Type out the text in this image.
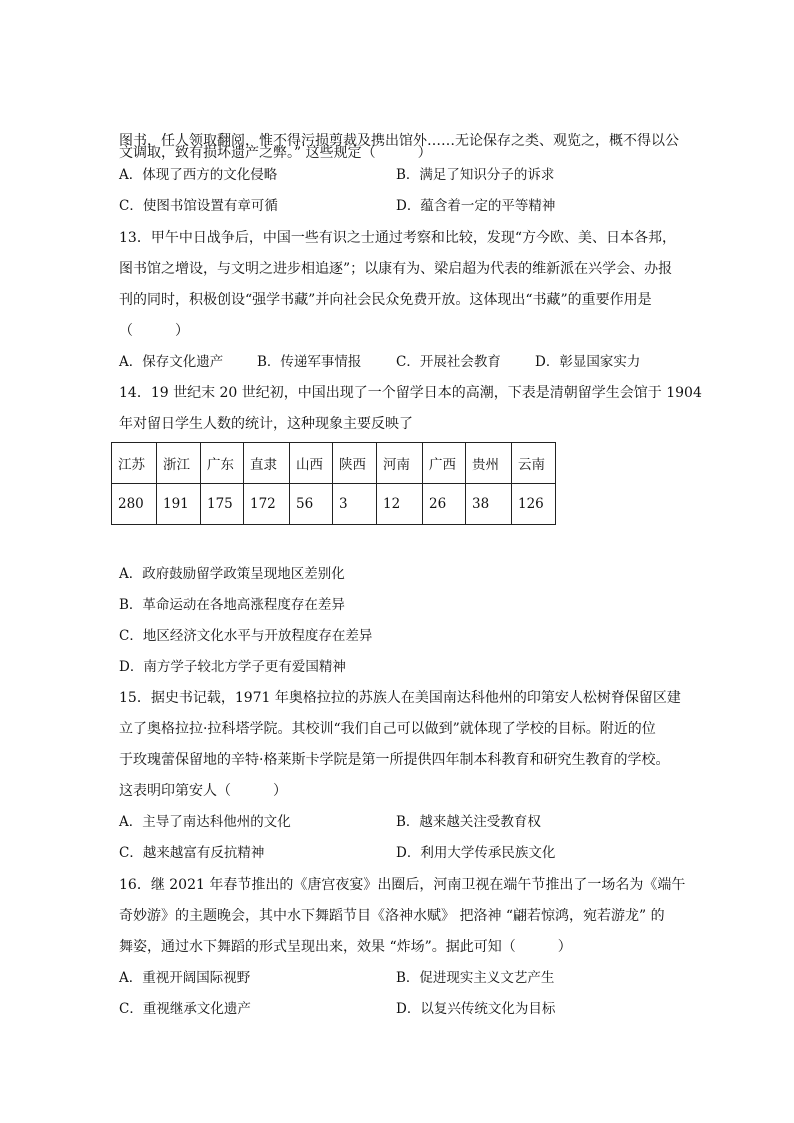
图书，任人领取翻阅，惟不得污损剪裁及携出馆外……无论保存之类、观览之，概不得以公
文调取，致有损坏遗产之弊。” 这些规定（　　　）
A．体现了西方的文化侵略	B．满足了知识分子的诉求
C．使图书馆设置有章可循	D．蕴含着一定的平等精神
13．甲午中日战争后，中国一些有识之士通过考察和比较，发现“方今欧、美、日本各邦，
图书馆之增设，与文明之进步相追逐”；以康有为、梁启超为代表的维新派在兴学会、办报
刊的同时，积极创设“强学书藏”并向社会民众免费开放。这体现出“书藏”的重要作用是
（　　　）
A．保存文化遗产	B．传递军事情报	C．开展社会教育	D．彰显国家实力
14．19 世纪末 20 世纪初，中国出现了一个留学日本的高潮，下表是清朝留学生会馆于 1904
年对留日学生人数的统计，这种现象主要反映了
江苏	浙江	广东	直隶	山西	陕西	河南	广西	贵州	云南
280	191	175	172	56	3	12	26	38	126
A．政府鼓励留学政策呈现地区差别化
B．革命运动在各地高涨程度存在差异
C．地区经济文化水平与开放程度存在差异
D．南方学子较北方学子更有爱国精神
15．据史书记载，1971 年奥格拉拉的苏族人在美国南达科他州的印第安人松树脊保留区建
立了奥格拉拉·拉科塔学院。其校训“我们自己可以做到”就体现了学校的目标。附近的位
于玫瑰蕾保留地的辛特·格莱斯卡学院是第一所提供四年制本科教育和研究生教育的学校。
这表明印第安人（　　　）
A．主导了南达科他州的文化	B．越来越关注受教育权
C．越来越富有反抗精神	D．利用大学传承民族文化
16．继 2021 年春节推出的《唐宫夜宴》出圈后，河南卫视在端午节推出了一场名为《端午
奇妙游》的主题晚会，其中水下舞蹈节目《洛神水赋》 把洛神 “翩若惊鸿，宛若游龙” 的
舞姿，通过水下舞蹈的形式呈现出来，效果 “炸场”。据此可知（　　　）
A．重视开阔国际视野	B．促进现实主义文艺产生
C．重视继承文化遗产	D．以复兴传统文化为目标
